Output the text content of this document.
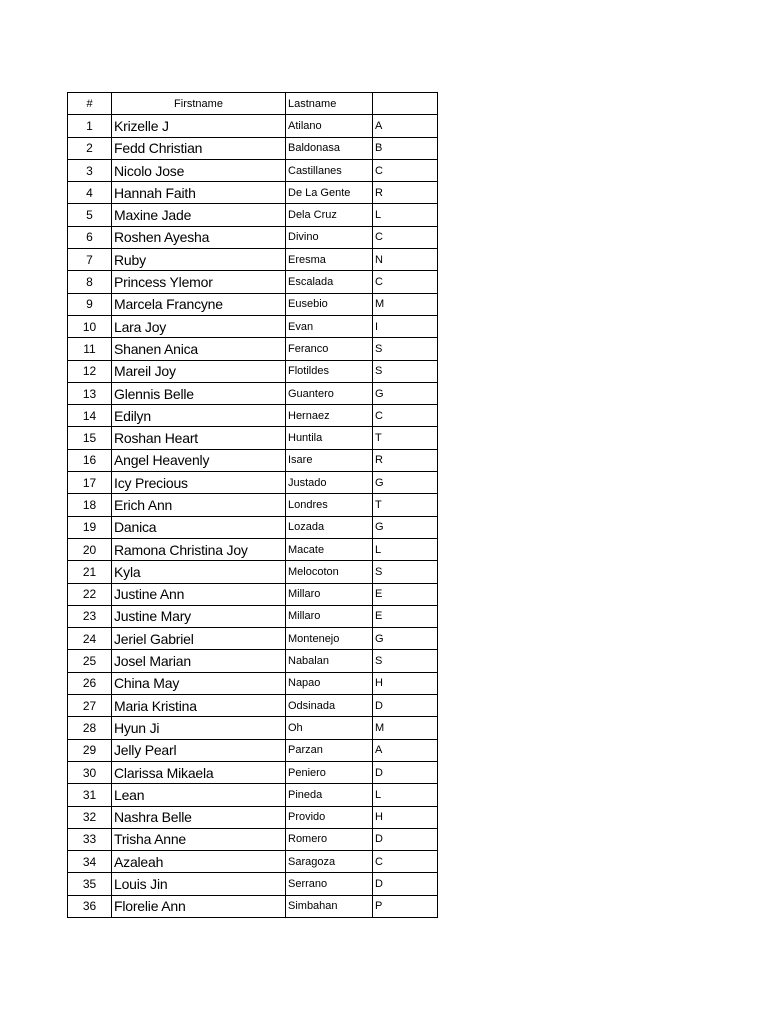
#	Firstname	Lastname	
1	Krizelle J	Atilano	A
2	Fedd Christian	Baldonasa	B
3	Nicolo Jose	Castillanes	C
4	Hannah Faith	De La Gente	R
5	Maxine Jade	Dela Cruz	L
6	Roshen Ayesha	Divino	C
7	Ruby	Eresma	N
8	Princess Ylemor	Escalada	C
9	Marcela Francyne	Eusebio	M
10	Lara Joy	Evan	I
11	Shanen Anica	Feranco	S
12	Mareil Joy	Flotildes	S
13	Glennis Belle	Guantero	G
14	Edilyn	Hernaez	C
15	Roshan Heart	Huntila	T
16	Angel Heavenly	Isare	R
17	Icy Precious	Justado	G
18	Erich Ann	Londres	T
19	Danica	Lozada	G
20	Ramona Christina Joy	Macate	L
21	Kyla	Melocoton	S
22	Justine Ann	Millaro	E
23	Justine Mary	Millaro	E
24	Jeriel Gabriel	Montenejo	G
25	Josel Marian	Nabalan	S
26	China May	Napao	H
27	Maria Kristina	Odsinada	D
28	Hyun Ji	Oh	M
29	Jelly Pearl	Parzan	A
30	Clarissa Mikaela	Peniero	D
31	Lean	Pineda	L
32	Nashra Belle	Provido	H
33	Trisha Anne	Romero	D
34	Azaleah	Saragoza	C
35	Louis Jin	Serrano	D
36	Florelie Ann	Simbahan	P
